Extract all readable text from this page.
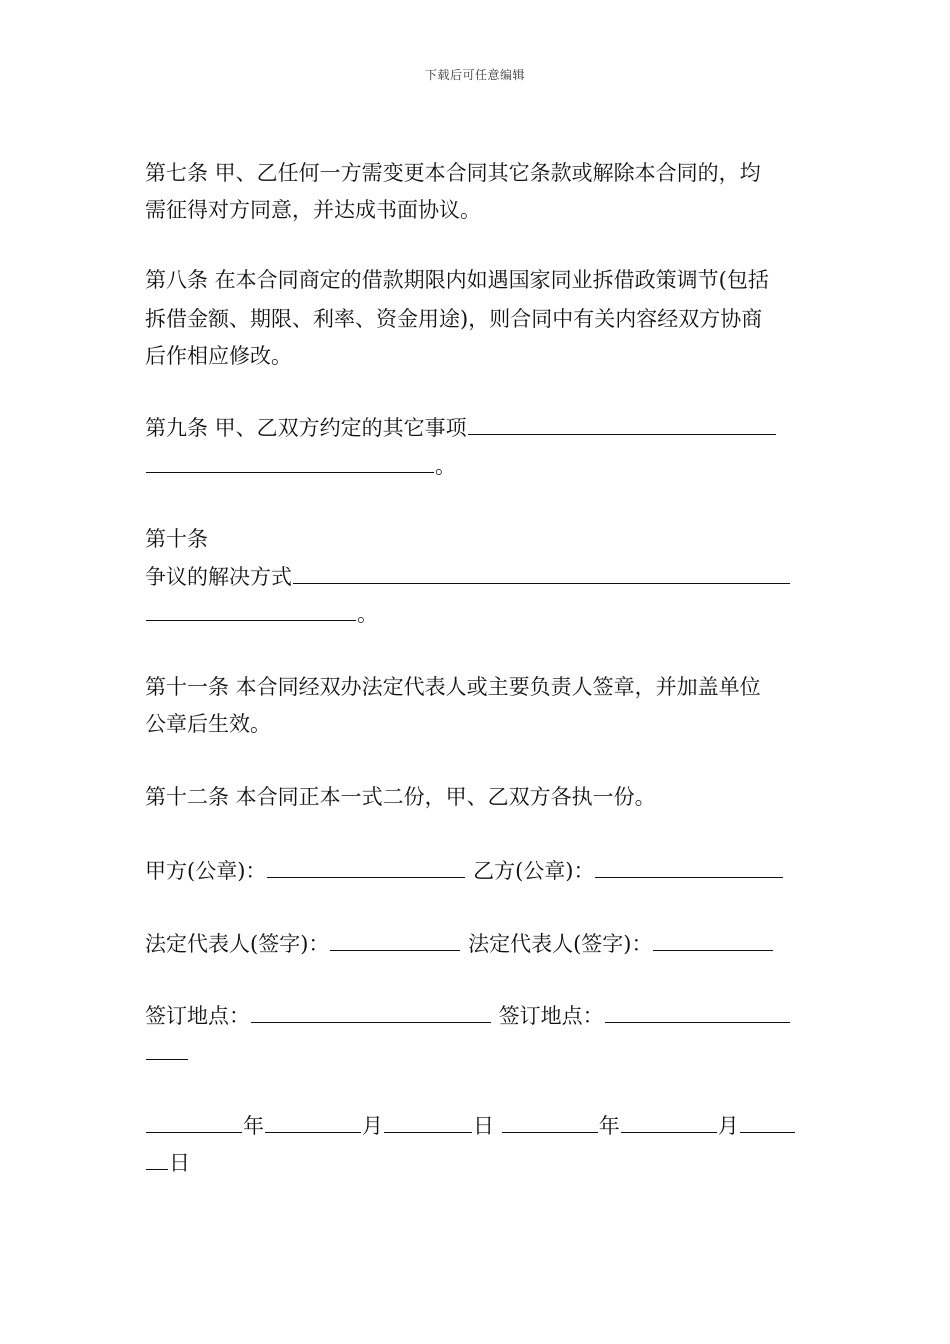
下载后可任意编辑
第七条 甲、乙任何一方需变更本合同其它条款或解除本合同的，均
需征得对方同意，并达成书面协议。
第八条 在本合同商定的借款期限内如遇国家同业拆借政策调节(包括
拆借金额、期限、利率、资金用途)，则合同中有关内容经双方协商
后作相应修改。
第九条 甲、乙双方约定的其它事项
。
第十条
争议的解决方式
。
第十一条 本合同经双办法定代表人或主要负责人签章，并加盖单位
公章后生效。
第十二条 本合同正本一式二份，甲、乙双方各执一份。
甲方(公章)：	乙方(公章)：
法定代表人(签字)：	法定代表人(签字)：
签订地点：	签订地点：
年	月	日	年	月
日
